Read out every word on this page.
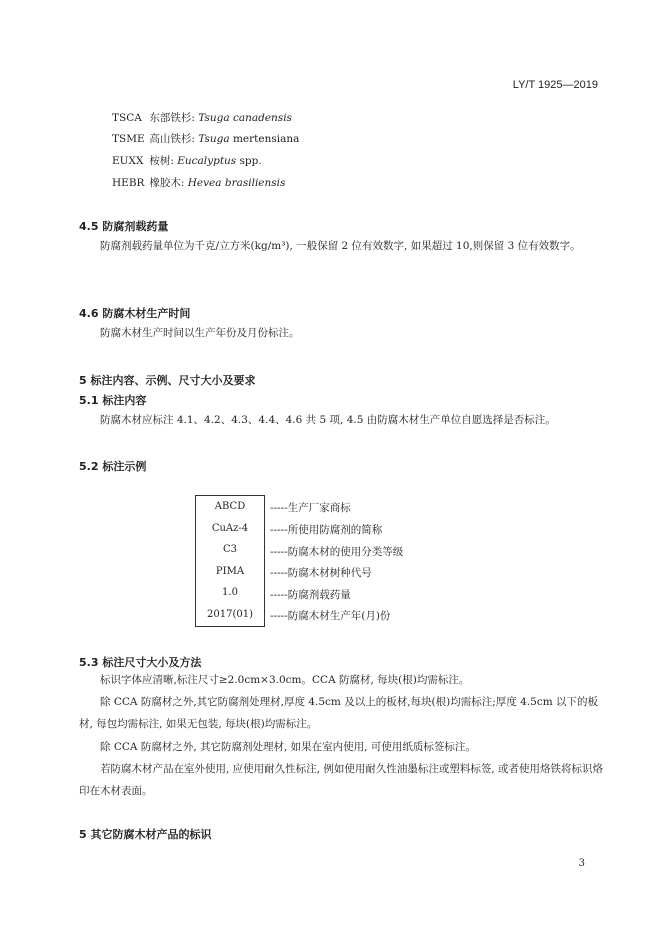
LY/T 1925—2019
TSCA 东部铁杉: Tsuga canadensis
TSME 高山铁杉: Tsuga mertensiana
EUXX 桉树: Eucalyptus spp.
HEBR 橡胶木: Hevea brasiliensis
4.5 防腐剂载药量
防腐剂载药量单位为千克/立方米(kg/m³), 一般保留 2 位有效数字, 如果超过 10,则保留 3 位有效数字。
4.6 防腐木材生产时间
防腐木材生产时间以生产年份及月份标注。
5 标注内容、示例、尺寸大小及要求
5.1 标注内容
防腐木材应标注 4.1、4.2、4.3、4.4、4.6 共 5 项, 4.5 由防腐木材生产单位自愿选择是否标注。
5.2 标注示例
ABCD
CuAz-4
C3
PIMA
1.0
2017(01)
-----生产厂家商标
-----所使用防腐剂的简称
-----防腐木材的使用分类等级
-----防腐木材树种代号
-----防腐剂载药量
-----防腐木材生产年(月)份
5.3 标注尺寸大小及方法
标识字体应清晰,标注尺寸≥2.0cm×3.0cm。CCA 防腐材, 每块(根)均需标注。
除 CCA 防腐材之外,其它防腐剂处理材,厚度 4.5cm 及以上的板材,每块(根)均需标注;厚度 4.5cm 以下的板材, 每包均需标注, 如果无包装, 每块(根)均需标注。
除 CCA 防腐材之外, 其它防腐剂处理材, 如果在室内使用, 可使用纸质标签标注。
若防腐木材产品在室外使用, 应使用耐久性标注, 例如使用耐久性油墨标注或塑料标签, 或者使用烙铁将标识烙印在木材表面。
5 其它防腐木材产品的标识
3
